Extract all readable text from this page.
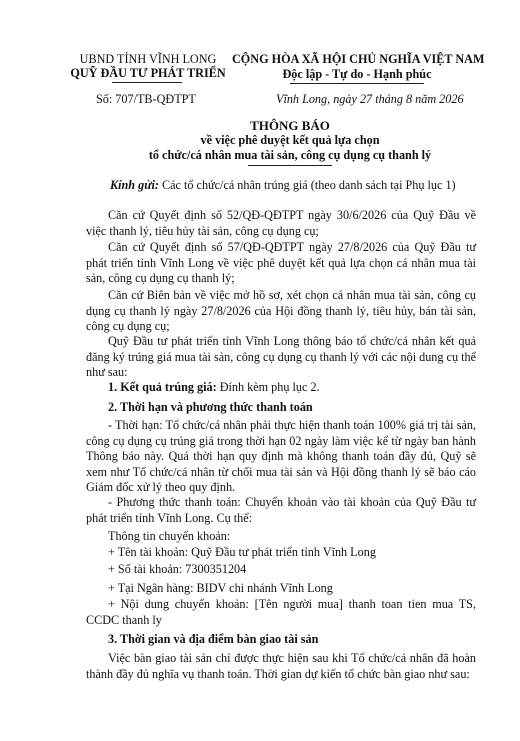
UBND TỈNH VĨNH LONG
QUỸ ĐẦU TƯ PHÁT TRIỂN
CỘNG HÒA XÃ HỘI CHỦ NGHĨA VIỆT NAM
Độc lập - Tự do - Hạnh phúc
Số: 707/TB-QĐTPT	Vĩnh Long, ngày 27 tháng 8 năm 2026
THÔNG BÁO
về việc phê duyệt kết quả lựa chọn
tổ chức/cá nhân mua tài sản, công cụ dụng cụ thanh lý
Kính gửi: Các tổ chức/cá nhân trúng giá (theo danh sách tại Phụ lục 1)
Căn cứ Quyết định số 52/QĐ-QĐTPT ngày 30/6/2026 của Quỹ Đầu về việc thanh lý, tiêu hủy tài sản, công cụ dụng cụ;
Căn cứ Quyết định số 57/QĐ-QĐTPT ngày 27/8/2026 của Quỹ Đầu tư phát triển tỉnh Vĩnh Long về việc phê duyệt kết quả lựa chọn cá nhân mua tài sản, công cụ dụng cụ thanh lý;
Căn cứ Biên bản về việc mở hồ sơ, xét chọn cá nhân mua tài sản, công cụ dụng cụ thanh lý ngày 27/8/2026 của Hội đồng thanh lý, tiêu hủy, bán tài sản, công cụ dụng cụ;
Quỹ Đầu tư phát triển tỉnh Vĩnh Long thông báo tổ chức/cá nhân kết quả đăng ký trúng giá mua tài sản, công cụ dụng cụ thanh lý với các nội dung cụ thể như sau:
1. Kết quả trúng giá: Đính kèm phụ lục 2.
2. Thời hạn và phương thức thanh toán
- Thời hạn: Tổ chức/cá nhân phải thực hiện thanh toán 100% giá trị tài sản, công cụ dụng cụ trúng giá trong thời hạn 02 ngày làm việc kể từ ngày ban hành Thông báo này. Quá thời hạn quy định mà không thanh toán đầy đủ, Quỹ sẽ xem như Tổ chức/cá nhân từ chối mua tài sản và Hội đồng thanh lý sẽ báo cáo Giám đốc xử lý theo quy định.
- Phương thức thanh toán: Chuyển khoản vào tài khoản của Quỹ Đầu tư phát triển tỉnh Vĩnh Long. Cụ thể:
Thông tin chuyển khoản:
+ Tên tài khoản: Quỹ Đầu tư phát triển tỉnh Vĩnh Long
+ Số tài khoản: 7300351204
+ Tại Ngân hàng: BIDV chi nhánh Vĩnh Long
+ Nội dung chuyển khoản: [Tên người mua] thanh toan tien mua TS, CCDC thanh ly
3. Thời gian và địa điểm bàn giao tài sản
Việc bàn giao tài sản chỉ được thực hiện sau khi Tổ chức/cá nhân đã hoàn thành đầy đủ nghĩa vụ thanh toán. Thời gian dự kiến tổ chức bàn giao như sau:
